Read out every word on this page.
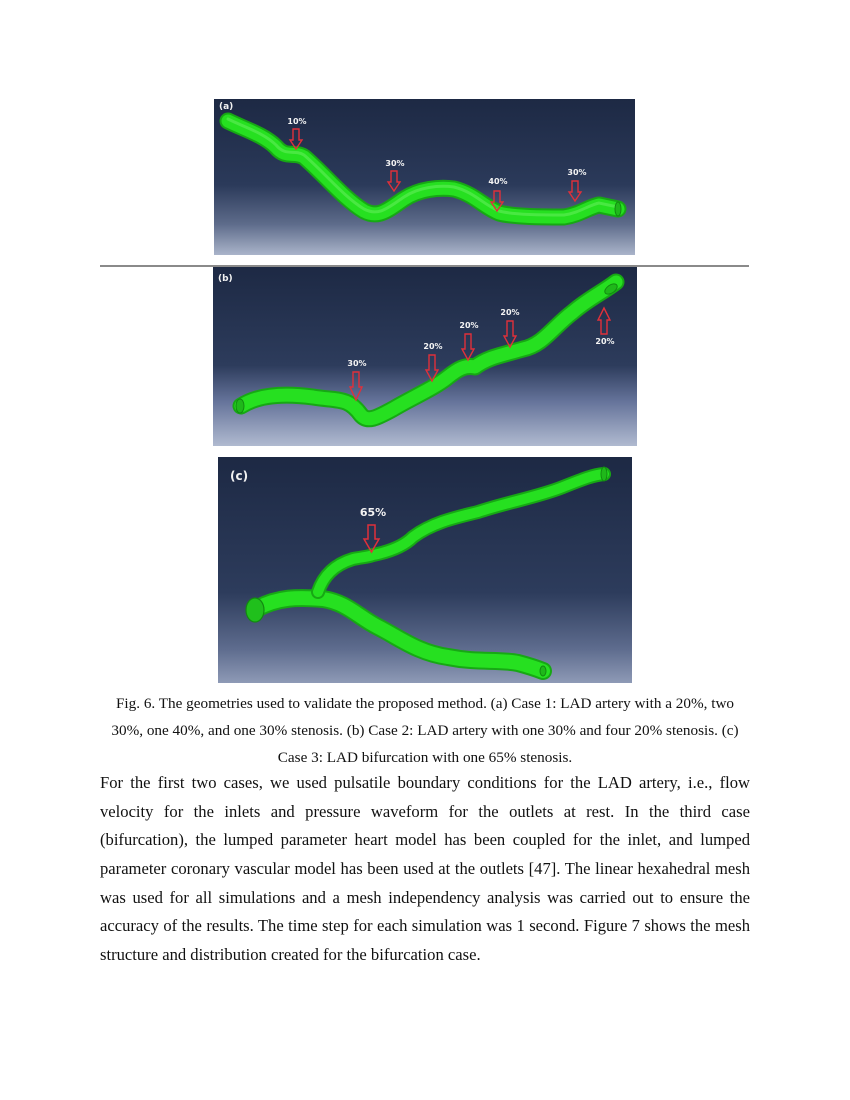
(a)
10%
30%
40%
30%
(b)
30%
20%
20%
20%
20%
(c)
65%

Fig. 6. The geometries used to validate the proposed method. (a) Case 1: LAD artery with a 20%, two

30%, one 40%, and one 30% stenosis. (b) Case 2: LAD artery with one 30% and four 20% stenosis. (c)

Case 3: LAD bifurcation with one 65% stenosis.

For the first two cases, we used pulsatile boundary conditions for the LAD artery, i.e., flow
velocity for the inlets and pressure waveform for the outlets at rest. In the third case
(bifurcation), the lumped parameter heart model has been coupled for the inlet, and lumped
parameter coronary vascular model has been used at the outlets [47]. The linear hexahedral mesh
was used for all simulations and a mesh independency analysis was carried out to ensure the
accuracy of the results. The time step for each simulation was 1 second. Figure 7 shows the mesh
structure and distribution created for the bifurcation case.
